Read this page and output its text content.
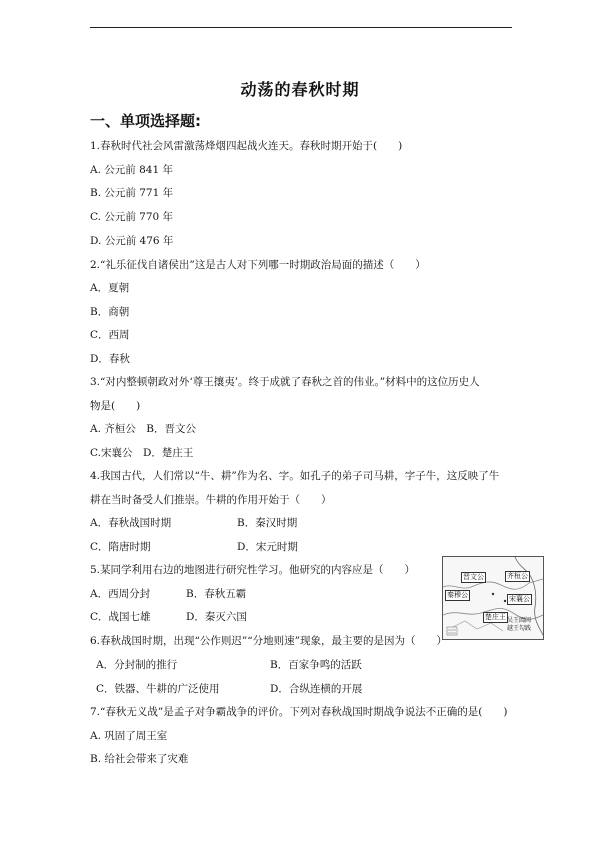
动荡的春秋时期
一、单项选择题:
1.春秋时代社会风雷激荡烽烟四起战火连天。春秋时期开始于(　　)
A. 公元前 841 年
B. 公元前 771 年
C. 公元前 770 年
D. 公元前 476 年
2.“礼乐征伐自诸侯出”这是古人对下列哪一时期政治局面的描述（　　）
A．夏朝
B．商朝
C．西周
D．春秋
3.“对内整顿朝政对外‘尊王攘夷’。终于成就了春秋之首的伟业。”材料中的这位历史人
物是(　　)
A. 齐桓公　B．晋文公
C.宋襄公　D．楚庄王
4.我国古代，人们常以“牛、耕”作为名、字。如孔子的弟子司马耕，字子牛，这反映了牛
耕在当时备受人们推崇。牛耕的作用开始于（　　）
A．春秋战国时期	B．秦汉时期
C．隋唐时期	D．宋元时期
5.某同学利用右边的地图进行研究性学习。他研究的内容应是（　　）
A．西周分封	B．春秋五霸
C．战国七雄	D．秦灭六国
晋文公	齐桓公
秦穆公	宋襄公
楚庄王 吴王阖闾
越王勾践
6.春秋战国时期，出现“公作则迟”“分地则速”现象，最主要的是因为（　　）
A．分封制的推行	B．百家争鸣的活跃
C．铁器、牛耕的广泛使用	D．合纵连横的开展
7.“春秋无义战”是孟子对争霸战争的评价。下列对春秋战国时期战争说法不正确的是(　　)
A. 巩固了周王室
B. 给社会带来了灾难
